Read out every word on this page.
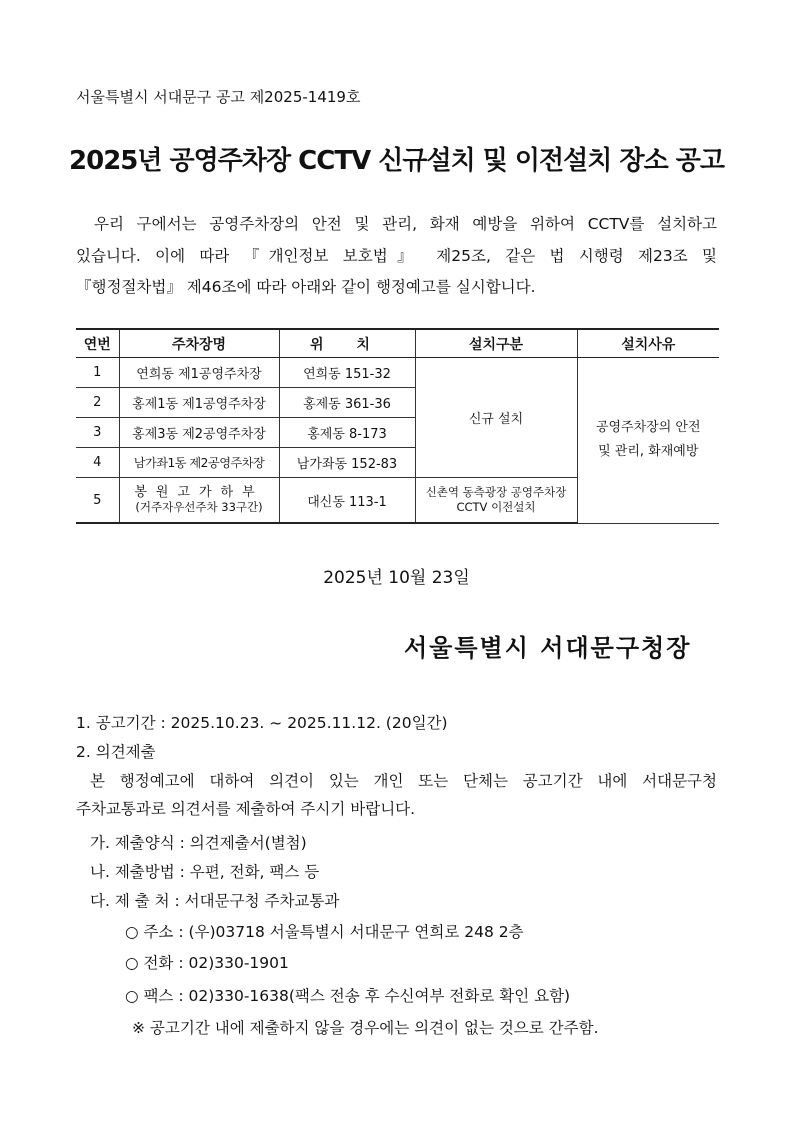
서울특별시 서대문구 공고 제2025-1419호
2025년 공영주차장 CCTV 신규설치 및 이전설치 장소 공고
우리 구에서는 공영주차장의 안전 및 관리, 화재 예방을 위하여 CCTV를 설치하고
있습니다. 이에 따라 『개인정보 보호법』 제25조, 같은 법 시행령 제23조 및
『행정절차법』 제46조에 따라 아래와 같이 행정예고를 실시합니다.
연번	주차장명	위 치	설치구분	설치사유
1	연희동 제1공영주차장	연희동 151-32	신규 설치	공영주차장의 안전
및 관리, 화재예방
2	홍제1동 제1공영주차장	홍제동 361-36		
3	홍제3동 제2공영주차장	홍제동 8-173		
4	남가좌1동 제2공영주차장	남가좌동 152-83		
5	봉원고가하부
(거주자우선주차 33구간)	대신동 113-1	신촌역 동측광장 공영주차장
CCTV 이전설치	
2025년 10월 23일
서울특별시 서대문구청장
1. 공고기간 : 2025.10.23. ~ 2025.11.12. (20일간)
2. 의견제출
본 행정예고에 대하여 의견이 있는 개인 또는 단체는 공고기간 내에 서대문구청
주차교통과로 의견서를 제출하여 주시기 바랍니다.
가. 제출양식 : 의견제출서(별첨)
나. 제출방법 : 우편, 전화, 팩스 등
다. 제 출 처 : 서대문구청 주차교통과
○ 주소 : (우)03718 서울특별시 서대문구 연희로 248 2층
○ 전화 : 02)330-1901
○ 팩스 : 02)330-1638(팩스 전송 후 수신여부 전화로 확인 요함)
※ 공고기간 내에 제출하지 않을 경우에는 의견이 없는 것으로 간주함.
